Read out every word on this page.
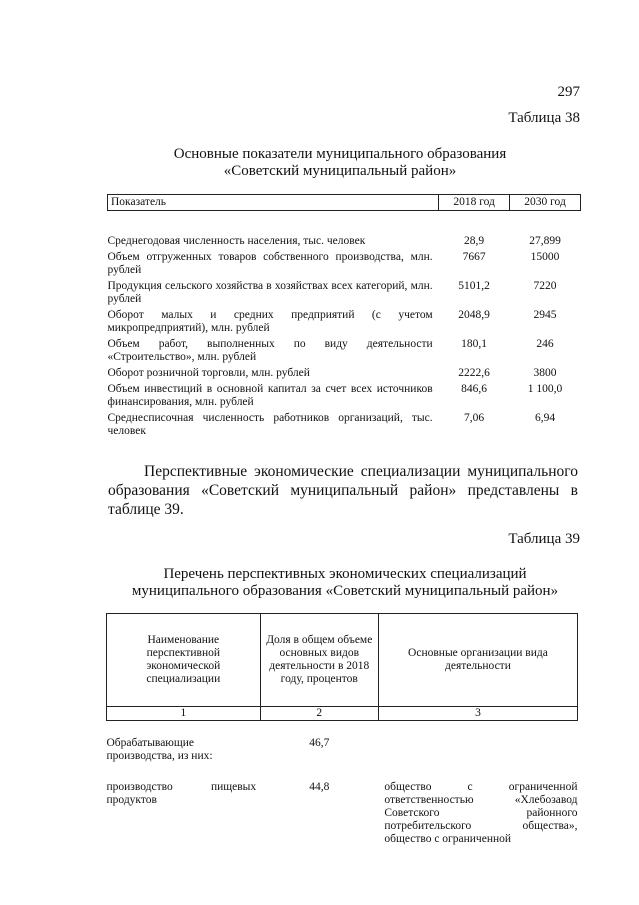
297
Таблица 38
Основные показатели муниципального образования
«Советский муниципальный район»
Показатель	2018 год	2030 год
Среднегодовая численность населения, тыс. человек	28,9	27,899
Объем отгруженных товаров собственного производства, млн. рублей	7667	15000
Продукция сельского хозяйства в хозяйствах всех категорий, млн. рублей	5101,2	7220
Оборот малых и средних предприятий (с учетом микропредприятий), млн. рублей	2048,9	2945
Объем работ, выполненных по виду деятельности «Строительство», млн. рублей	180,1	246
Оборот розничной торговли, млн. рублей	2222,6	3800
Объем инвестиций в основной капитал за счет всех источников финансирования, млн. рублей	846,6	1 100,0
Среднесписочная численность работников организаций, тыс. человек	7,06	6,94
Перспективные экономические специализации муниципального образования «Советский муниципальный район» представлены в таблице 39.
Таблица 39
Перечень перспективных экономических специализаций
муниципального образования «Советский муниципальный район»
Наименование перспективной экономической специализации	Доля в общем объеме основных видов деятельности в 2018 году, процентов	Основные организации вида деятельности
1	2	3
Обрабатывающие производства, из них:	46,7	
производство пищевых продуктов	44,8	общество с ограниченной ответственностью «Хлебозавод Советского районного потребительского общества», общество с ограниченной
